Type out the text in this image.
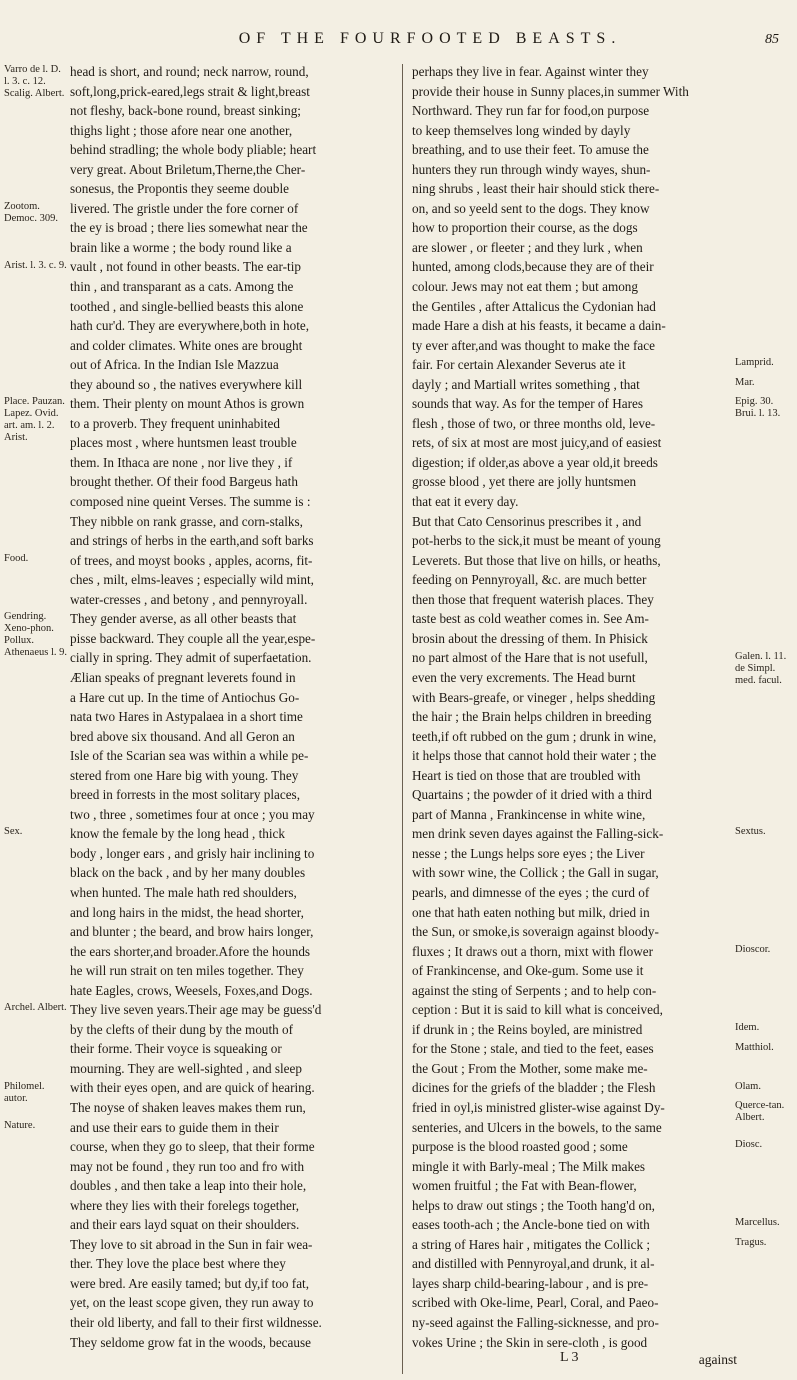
OF THE FOURFOOTED BEASTS.	85
head is short, and round; neck narrow, round,
soft,long,prick-eared,legs strait & light,breast
not fleshy, back-bone round, breast sinking;
thighs light ; those afore near one another,
behind stradling; the whole body pliable; heart
very great. About Briletum,Therne,the Cher-
sonesus, the Propontis they seeme double
livered. The gristle under the fore corner of
the ey is broad ; there lies somewhat near the
brain like a worme ; the body round like a
vault , not found in other beasts. The ear-tip
thin , and transparant as a cats. Among the
toothed , and single-bellied beasts this alone
hath cur'd. They are everywhere,both in hote,
and colder climates. White ones are brought
out of Africa. In the Indian Isle Mazzua
they abound so , the natives everywhere kill
them. Their plenty on mount Athos is grown
to a proverb. They frequent uninhabited
places most , where huntsmen least trouble
them. In Ithaca are none , nor live they , if
brought thether. Of their food Bargeus hath
composed nine queint Verses. The summe is :
They nibble on rank grasse, and corn-stalks,
and strings of herbs in the earth,and soft barks
of trees, and moyst books , apples, acorns, fit-
ches , milt, elms-leaves ; especially wild mint,
water-cresses , and betony , and pennyroyall.
They gender averse, as all other beasts that
pisse backward. They couple all the year,espe-
cially in spring. They admit of superfaetation.
Ælian speaks of pregnant leverets found in
a Hare cut up. In the time of Antiochus Go-
nata two Hares in Astypalaea in a short time
bred above six thousand. And all Geron an
Isle of the Scarian sea was within a while pe-
stered from one Hare big with young. They
breed in forrests in the most solitary places,
two , three , sometimes four at once ; you may
know the female by the long head , thick
body , longer ears , and grisly hair inclining to
black on the back , and by her many doubles
when hunted. The male hath red shoulders,
and long hairs in the midst, the head shorter,
and blunter ; the beard, and brow hairs longer,
the ears shorter,and broader.Afore the hounds
he will run strait on ten miles together. They
hate Eagles, crows, Weesels, Foxes,and Dogs.
They live seven years.Their age may be guess'd
by the clefts of their dung by the mouth of
their forme. Their voyce is squeaking or
mourning. They are well-sighted , and sleep
with their eyes open, and are quick of hearing.
The noyse of shaken leaves makes them run,
and use their ears to guide them in their
course, when they go to sleep, that their forme
may not be found , they run too and fro with
doubles , and then take a leap into their hole,
where they lies with their forelegs together,
and their ears layd squat on their shoulders.
They love to sit abroad in the Sun in fair wea-
ther. They love the place best where they
were bred. Are easily tamed; but dy,if too fat,
yet, on the least scope given, they run away to
their old liberty, and fall to their first wildnesse.
They seldome grow fat in the woods, because
perhaps they live in fear. Against winter they
provide their house in Sunny places,in summer With
Northward. They run far for food,on purpose
to keep themselves long winded by dayly
breathing, and to use their feet. To amuse the
hunters they run through windy wayes, shun-
ning shrubs , least their hair should stick there-
on, and so yeeld sent to the dogs. They know
how to proportion their course, as the dogs
are slower , or fleeter ; and they lurk , when
hunted, among clods,because they are of their
colour. Jews may not eat them ; but among
the Gentiles , after Attalicus the Cydonian had
made Hare a dish at his feasts, it became a dain-
ty ever after,and was thought to make the face
fair. For certain Alexander Severus ate it
dayly ; and Martiall writes something , that
sounds that way. As for the temper of Hares
flesh , those of two, or three months old, leve-
rets, of six at most are most juicy,and of easiest
digestion; if older,as above a year old,it breeds
grosse blood , yet there are jolly huntsmen
that eat it every day.
But that Cato Censorinus prescribes it , and
pot-herbs to the sick,it must be meant of young
Leverets. But those that live on hills, or heaths,
feeding on Pennyroyall, &c. are much better
then those that frequent waterish places. They
taste best as cold weather comes in. See Am-
brosin about the dressing of them. In Phisick
no part almost of the Hare that is not usefull,
even the very excrements. The Head burnt
with Bears-greafe, or vineger , helps shedding
the hair ; the Brain helps children in breeding
teeth,if oft rubbed on the gum ; drunk in wine,
it helps those that cannot hold their water ; the
Heart is tied on those that are troubled with
Quartains ; the powder of it dried with a third
part of Manna , Frankincense in white wine,
men drink seven dayes against the Falling-sick-
nesse ; the Lungs helps sore eyes ; the Liver
with sowr wine, the Collick ; the Gall in sugar,
pearls, and dimnesse of the eyes ; the curd of
one that hath eaten nothing but milk, dried in
the Sun, or smoke,is soveraign against bloody-
fluxes ; It draws out a thorn, mixt with flower
of Frankincense, and Oke-gum. Some use it
against the sting of Serpents ; and to help con-
ception : But it is said to kill what is conceived,
if drunk in ; the Reins boyled, are ministred
for the Stone ; stale, and tied to the feet, eases
the Gout ; From the Mother, some make me-
dicines for the griefs of the bladder ; the Flesh
fried in oyl,is ministred glister-wise against Dy-
senteries, and Ulcers in the bowels, to the same
purpose is the blood roasted good ; some
mingle it with Barly-meal ; The Milk makes
women fruitful ; the Fat with Bean-flower,
helps to draw out stings ; the Tooth hang'd on,
eases tooth-ach ; the Ancle-bone tied on with
a string of Hares hair , mitigates the Collick ;
and distilled with Pennyroyal,and drunk, it al-
layes sharp child-bearing-labour , and is pre-
scribed with Oke-lime, Pearl, Coral, and Paeo-
ny-seed against the Falling-sicknesse, and pro-
vokes Urine ; the Skin in sere-cloth , is good
Varro de l. D. l. 3. c. 12. Scalig. Albert.
Zootom. Democ. 309.
Arist. l. 3. c. 9.
Place. Pauzan. Lapez. Ovid. art. am. l. 2. Arist.
Food.
Gendring. Xeno-phon. Pollux. Athenaeus l. 9.
Sex.
Archel. Albert.
Philomel. autor.
Nature.
Lamprid.
Mar.
Epig. 30. Brui. l. 13.
Galen. l. 11. de Simpl. med. facul.
Sextus.
Dioscor.
Idem.
Matthiol.
Olam.
Querce-tan. Albert.
Diosc.
Marcellus.
Tragus.
L 3	against
